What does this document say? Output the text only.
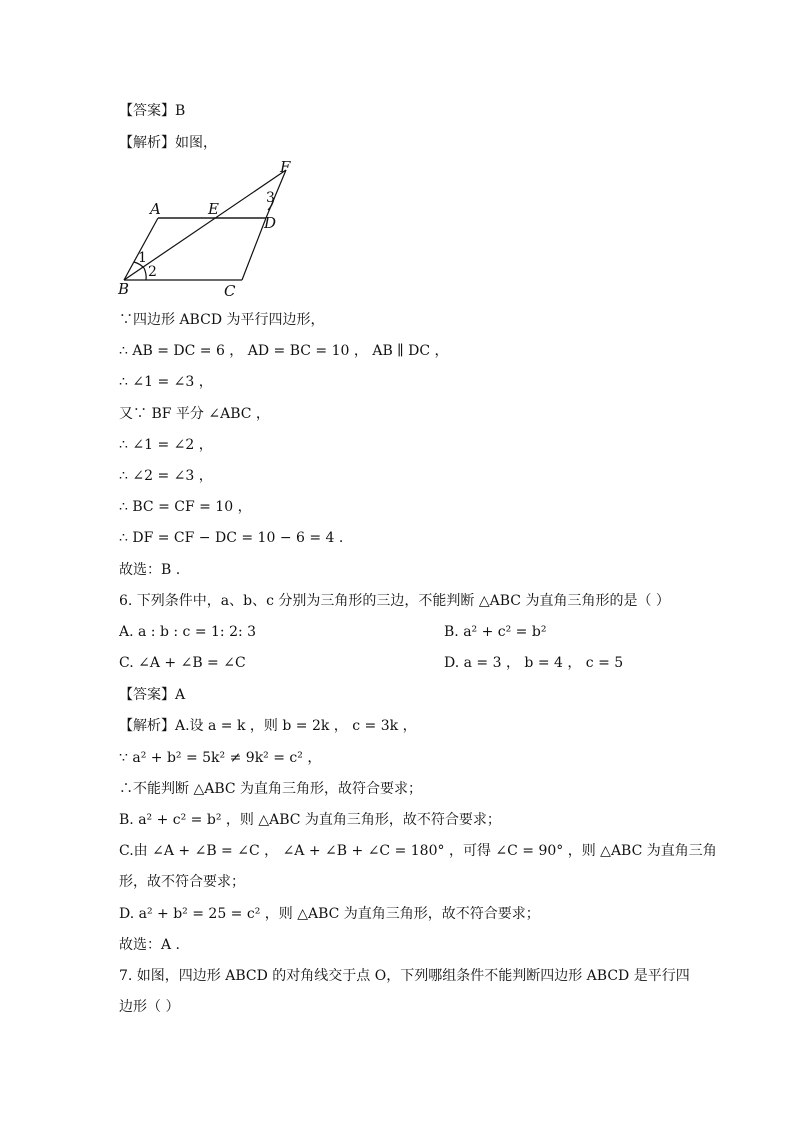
【答案】B
【解析】如图，
A	E
F
D
B	C
1
2
3
∵四边形 ABCD 为平行四边形，
∴ AB = DC = 6 ， AD = BC = 10 ， AB ∥ DC ，
∴ ∠1 = ∠3 ，
又∵ BF 平分 ∠ABC ，
∴ ∠1 = ∠2 ，
∴ ∠2 = ∠3 ，
∴ BC = CF = 10 ，
∴ DF = CF − DC = 10 − 6 = 4 .
故选：B .
6. 下列条件中，a、b、c 分别为三角形的三边，不能判断 △ABC 为直角三角形的是（ ）
A. a : b : c = 1: 2: 3	B. a² + c² = b²
C. ∠A + ∠B = ∠C	D. a = 3 ， b = 4 ， c = 5
【答案】A
【解析】A.设 a = k ，则 b = 2k ， c = 3k ，
∵ a² + b² = 5k² ≠ 9k² = c² ，
∴不能判断 △ABC 为直角三角形，故符合要求；
B. a² + c² = b² ，则 △ABC 为直角三角形，故不符合要求；
C.由 ∠A + ∠B = ∠C ， ∠A + ∠B + ∠C = 180° ，可得 ∠C = 90° ，则 △ABC 为直角三角
形，故不符合要求；
D. a² + b² = 25 = c² ，则 △ABC 为直角三角形，故不符合要求；
故选：A .
7. 如图，四边形 ABCD 的对角线交于点 O，下列哪组条件不能判断四边形 ABCD 是平行四
边形（ ）
